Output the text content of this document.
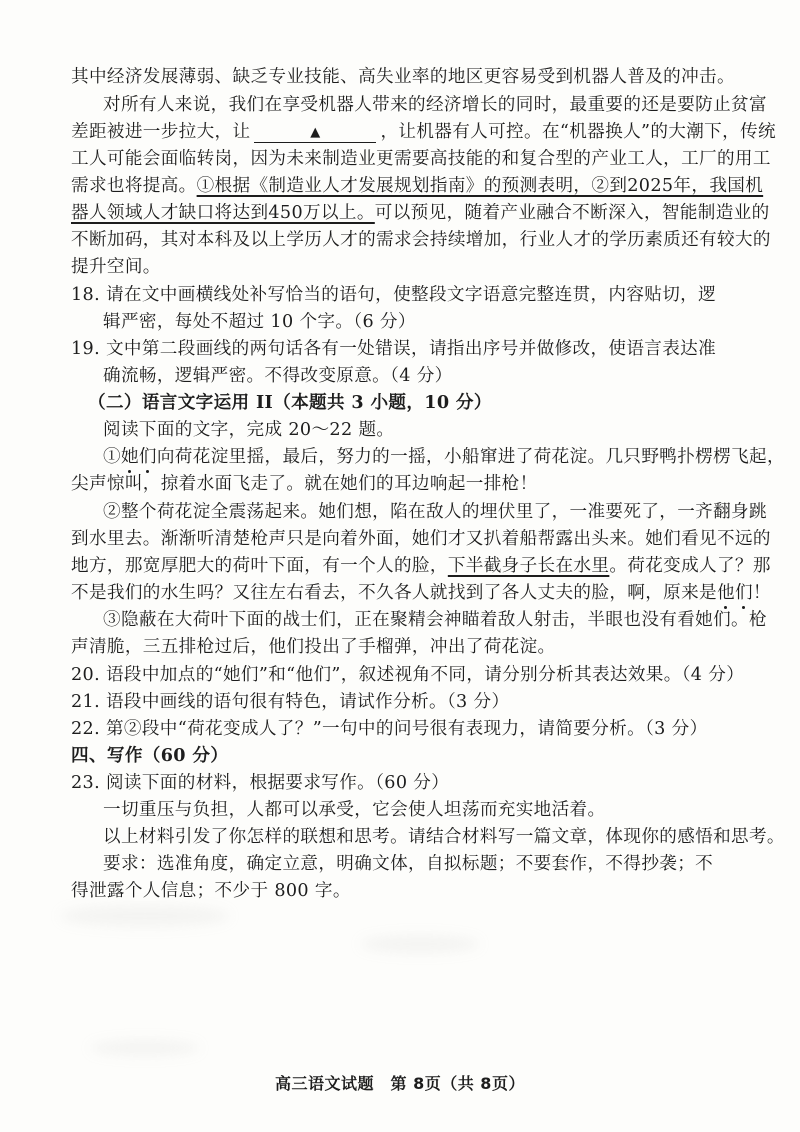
其中经济发展薄弱、缺乏专业技能、高失业率的地区更容易受到机器人普及的冲击。
对所有人来说，我们在享受机器人带来的经济增长的同时，最重要的还是要防止贫富
差距被进一步拉大，让	▲	，让机器有人可控。在“机器换人”的大潮下，传统
工人可能会面临转岗，因为未来制造业更需要高技能的和复合型的产业工人，工厂的用工
需求也将提高。①根据《制造业人才发展规划指南》的预测表明，②到2025年，我国机
器人领域人才缺口将达到450万以上。可以预见，随着产业融合不断深入，智能制造业的
不断加码，其对本科及以上学历人才的需求会持续增加，行业人才的学历素质还有较大的
提升空间。
18. 请在文中画横线处补写恰当的语句，使整段文字语意完整连贯，内容贴切，逻
辑严密，每处不超过 10 个字。（6 分）
19. 文中第二段画线的两句话各有一处错误，请指出序号并做修改，使语言表达准
确流畅，逻辑严密。不得改变原意。（4 分）
（二）语言文字运用 II（本题共 3 小题，10 分）
阅读下面的文字，完成 20～22 题。
①她们向荷花淀里摇，最后，努力的一摇，小船窜进了荷花淀。几只野鸭扑楞楞飞起，
尖声惊叫，掠着水面飞走了。就在她们的耳边响起一排枪！
②整个荷花淀全震荡起来。她们想，陷在敌人的埋伏里了，一准要死了，一齐翻身跳
到水里去。渐渐听清楚枪声只是向着外面，她们才又扒着船帮露出头来。她们看见不远的
地方，那宽厚肥大的荷叶下面，有一个人的脸，下半截身子长在水里。荷花变成人了？那
不是我们的水生吗？又往左右看去，不久各人就找到了各人丈夫的脸，啊，原来是他们！
③隐蔽在大荷叶下面的战士们，正在聚精会神瞄着敌人射击，半眼也没有看她们。枪
声清脆，三五排枪过后，他们投出了手榴弹，冲出了荷花淀。
20. 语段中加点的“她们”和“他们”，叙述视角不同，请分别分析其表达效果。（4 分）
21. 语段中画线的语句很有特色，请试作分析。（3 分）
22. 第②段中“荷花变成人了？”一句中的问号很有表现力，请简要分析。（3 分）
四、写作（60 分）
23. 阅读下面的材料，根据要求写作。（60 分）
一切重压与负担，人都可以承受，它会使人坦荡而充实地活着。
以上材料引发了你怎样的联想和思考。请结合材料写一篇文章，体现你的感悟和思考。
要求：选准角度，确定立意，明确文体，自拟标题；不要套作，不得抄袭；不
得泄露个人信息；不少于 800 字。
高三语文试题　第 8页（共 8页）
